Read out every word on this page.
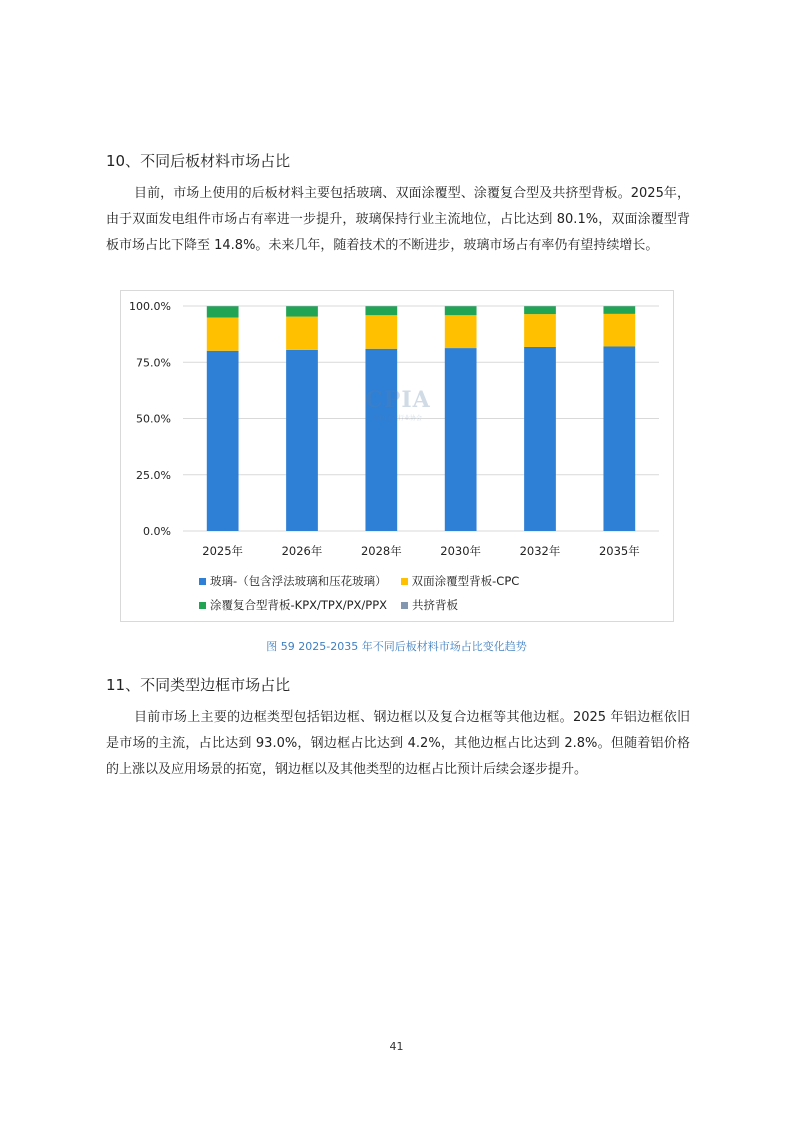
10、不同后板材料市场占比
目前，市场上使用的后板材料主要包括玻璃、双面涂覆型、涂覆复合型及共挤型背板。2025年，由于双面发电组件市场占有率进一步提升，玻璃保持行业主流地位，占比达到 80.1%，双面涂覆型背板市场占比下降至 14.8%。未来几年，随着技术的不断进步，玻璃市场占有率仍有望持续增长。
0.0%
25.0%
50.0%
75.0%
100.0%
2025年	2026年	2028年	2030年	2032年	2035年
CPIA
中国光伏行业协会
玻璃-（包含浮法玻璃和压花玻璃） 双面涂覆型背板-CPC
涂覆复合型背板-KPX/TPX/PX/PPX 共挤背板
图 59 2025-2035 年不同后板材料市场占比变化趋势
11、不同类型边框市场占比
目前市场上主要的边框类型包括铝边框、钢边框以及复合边框等其他边框。2025 年铝边框依旧是市场的主流，占比达到 93.0%，钢边框占比达到 4.2%，其他边框占比达到 2.8%。但随着铝价格的上涨以及应用场景的拓宽，钢边框以及其他类型的边框占比预计后续会逐步提升。
41
